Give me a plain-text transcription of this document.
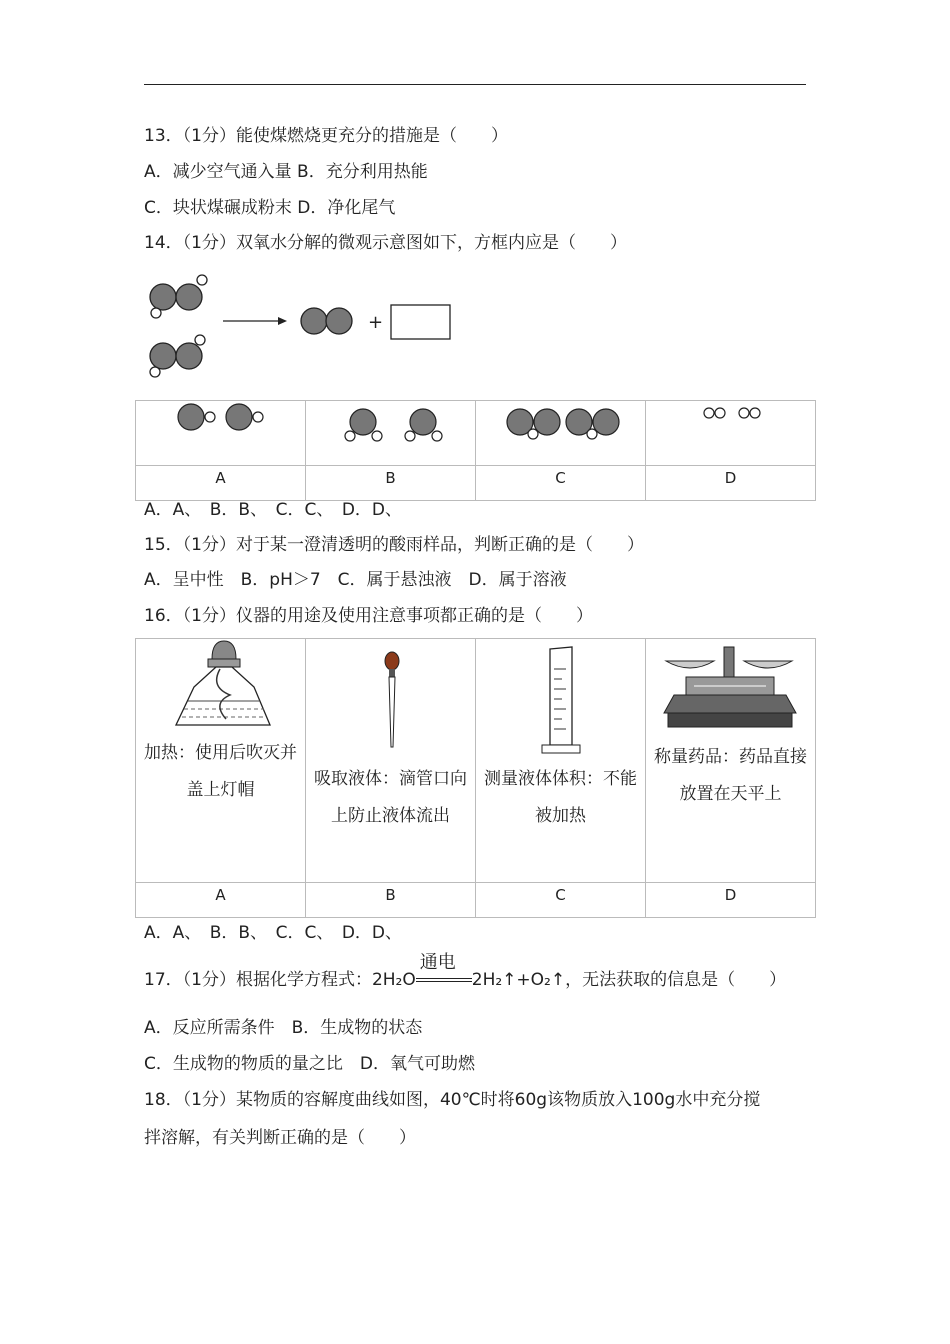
13．（1分）能使煤燃烧更充分的措施是（　　）
A．减少空气通入量 B．充分利用热能
C．块状煤碾成粉末 D．净化尾气
14．（1分）双氧水分解的微观示意图如下，方框内应是（　　）
+

A	B	C	D
A．A、　B．B、　C．C、　D．D、
15．（1分）对于某一澄清透明的酸雨样品，判断正确的是（　　）
A．呈中性　B．pH＞7　C．属于悬浊液　D．属于溶液
16．（1分）仪器的用途及使用注意事项都正确的是（　　）
加热：使用后吹灭并盖上灯帽	吸取液体：滴管口向上防止液体流出	测量液体体积：不能被加热	称量药品：药品直接放置在天平上

A	B	C	D
A．A、　B．B、　C．C、　D．D、
17．（1分）根据化学方程式：2H₂O
通电
2H₂↑+O₂↑，无法获取的信息是（　　）
A．反应所需条件　B．生成物的状态
C．生成物的物质的量之比　D．氧气可助燃
18．（1分）某物质的容解度曲线如图，40℃时将60g该物质放入100g水中充分搅
拌溶解，有关判断正确的是（　　）
